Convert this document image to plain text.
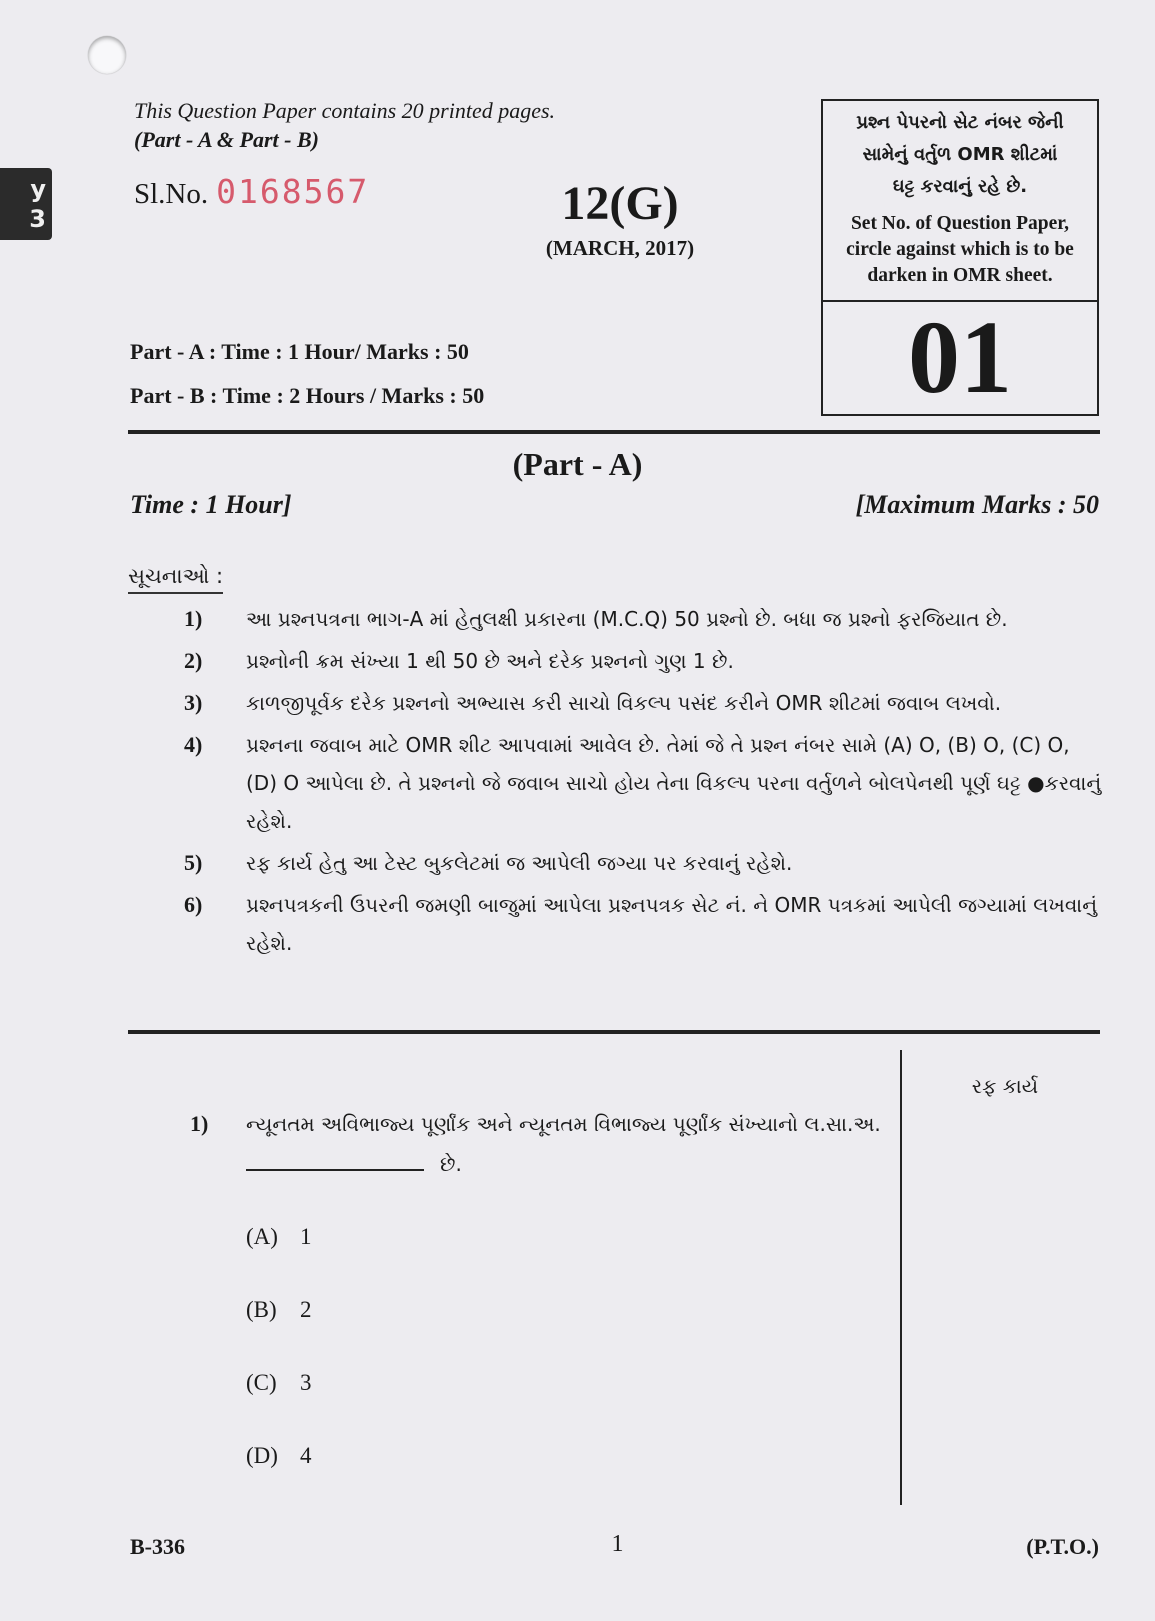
y
3
This Question Paper contains 20 printed pages.
(Part - A & Part - B)
Sl.No. 0168567	12(G)
(MARCH, 2017)
પ્રશ્ન પેપરનો સેટ નંબર જેની
સામેનું વર્તુળ OMR શીટમાં
ઘટ્ટ કરવાનું રહે છે.
Set No. of Question Paper,
circle against which is to be
darken in OMR sheet.
01
Part - A : Time : 1 Hour/ Marks : 50
Part - B : Time : 2 Hours / Marks : 50
(Part - A)
Time : 1 Hour]	[Maximum Marks : 50
સૂચનાઓ :
1) આ પ્રશ્નપત્રના ભાગ-A માં હેતુલક્ષી પ્રકારના (M.C.Q) 50 પ્રશ્નો છે. બધા જ પ્રશ્નો ફરજિયાત છે.
2) પ્રશ્નોની ક્રમ સંખ્યા 1 થી 50 છે અને દરેક પ્રશ્નનો ગુણ 1 છે.
3) કાળજીપૂર્વક દરેક પ્રશ્નનો અભ્યાસ કરી સાચો વિકલ્પ પસંદ કરીને OMR શીટમાં જવાબ લખવો.
4) પ્રશ્નના જવાબ માટે OMR શીટ આપવામાં આવેલ છે. તેમાં જે તે પ્રશ્ન નંબર સામે (A) O, (B) O, (C) O, (D) O આપેલા છે. તે પ્રશ્નનો જે જવાબ સાચો હોય તેના વિકલ્પ પરના વર્તુળને બોલપેનથી પૂર્ણ ઘટ્ટ ●કરવાનું રહેશે.
5) રફ કાર્ય હેતુ આ ટેસ્ટ બુકલેટમાં જ આપેલી જગ્યા પર કરવાનું રહેશે.
6) પ્રશ્નપત્રકની ઉપરની જમણી બાજુમાં આપેલા પ્રશ્નપત્રક સેટ નં. ને OMR પત્રકમાં આપેલી જગ્યામાં લખવાનું રહેશે.
રફ કાર્ય
1) ન્યૂનતમ અવિભાજ્ય પૂર્ણાંક અને ન્યૂનતમ વિભાજ્ય પૂર્ણાંક સંખ્યાનો લ.સા.અ.
છે.
(A) 1
(B) 2
(C) 3
(D) 4
B-336	1	(P.T.O.)
